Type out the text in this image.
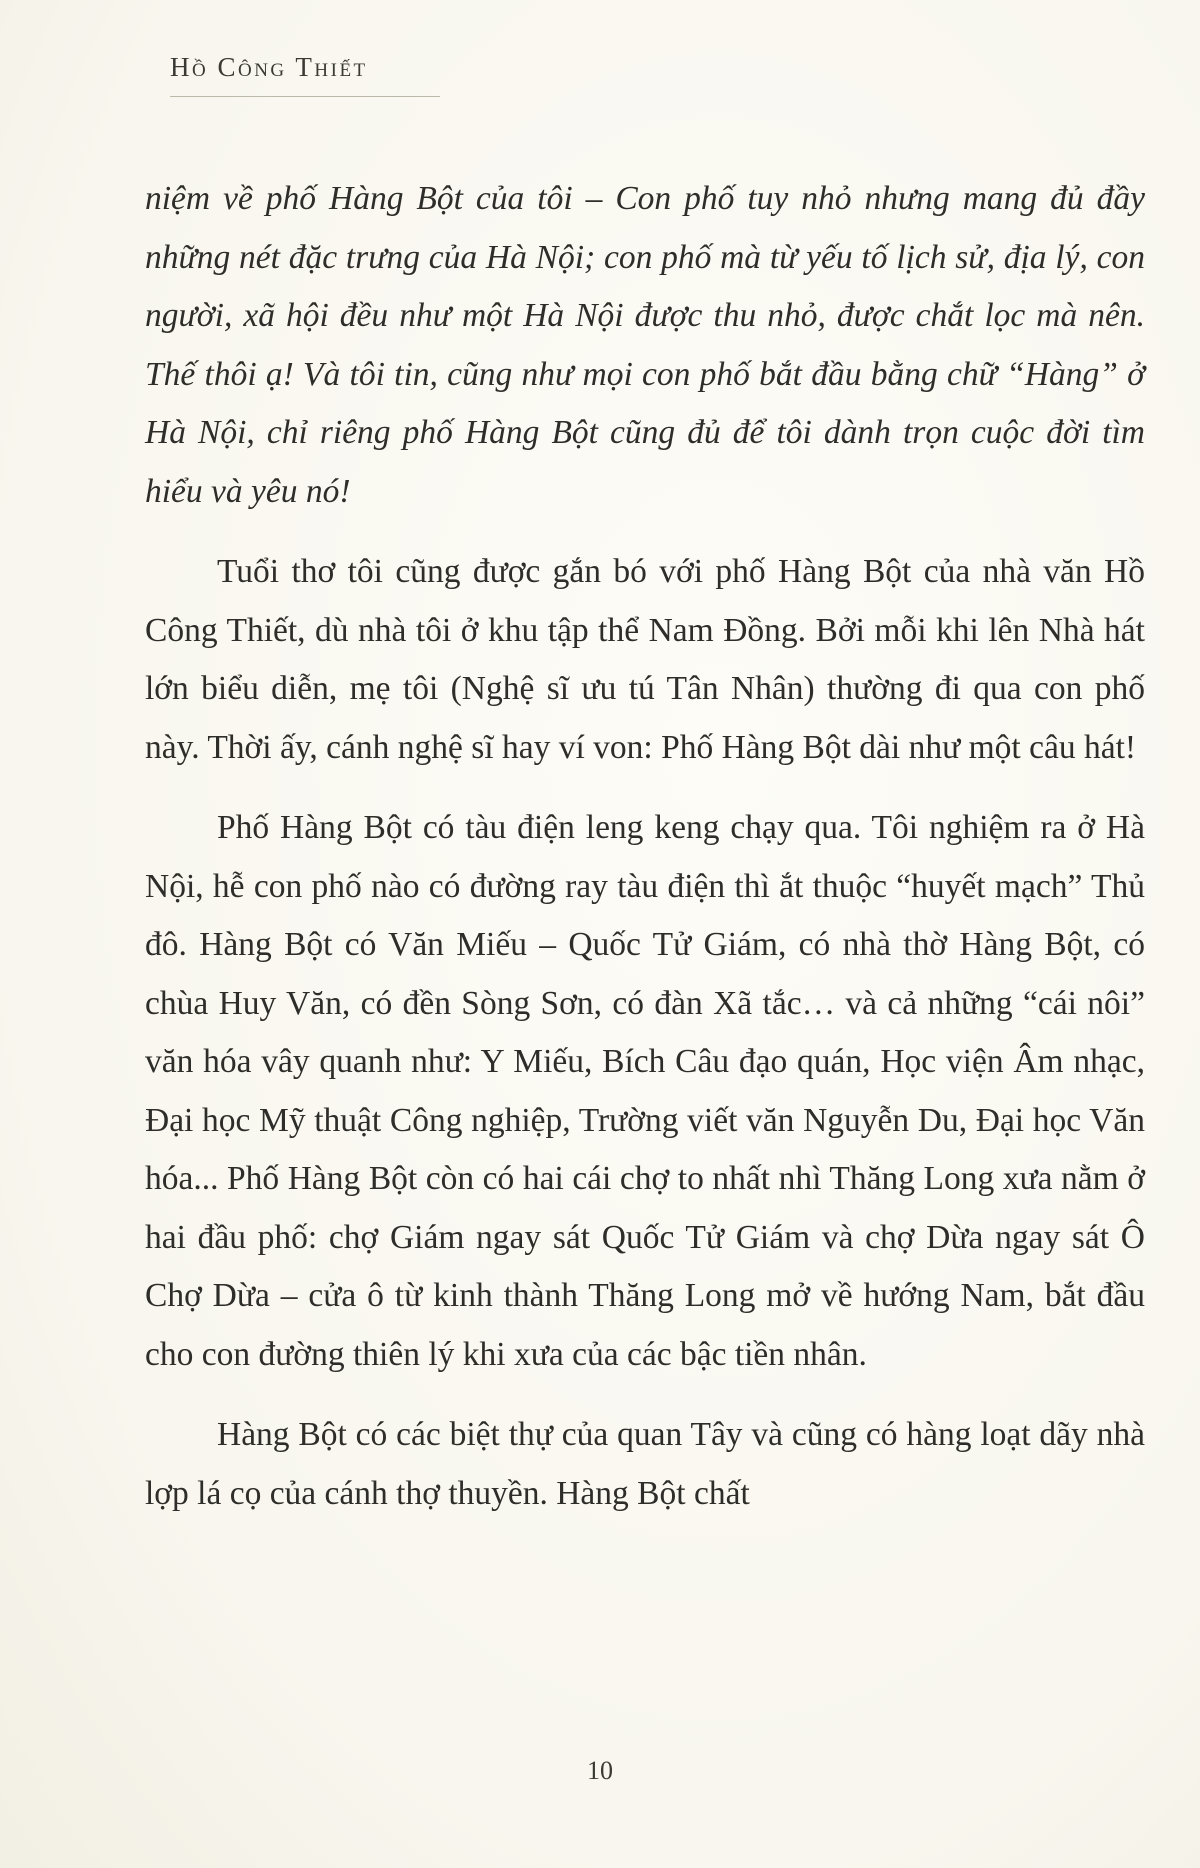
Hồ Công Thiết

niệm về phố Hàng Bột của tôi – Con phố tuy nhỏ nhưng mang đủ đầy những nét đặc trưng của Hà Nội; con phố mà từ yếu tố lịch sử, địa lý, con người, xã hội đều như một Hà Nội được thu nhỏ, được chắt lọc mà nên. Thế thôi ạ! Và tôi tin, cũng như mọi con phố bắt đầu bằng chữ “Hàng” ở Hà Nội, chỉ riêng phố Hàng Bột cũng đủ để tôi dành trọn cuộc đời tìm hiểu và yêu nó!

Tuổi thơ tôi cũng được gắn bó với phố Hàng Bột của nhà văn Hồ Công Thiết, dù nhà tôi ở khu tập thể Nam Đồng. Bởi mỗi khi lên Nhà hát lớn biểu diễn, mẹ tôi (Nghệ sĩ ưu tú Tân Nhân) thường đi qua con phố này. Thời ấy, cánh nghệ sĩ hay ví von: Phố Hàng Bột dài như một câu hát!

Phố Hàng Bột có tàu điện leng keng chạy qua. Tôi nghiệm ra ở Hà Nội, hễ con phố nào có đường ray tàu điện thì ắt thuộc “huyết mạch” Thủ đô. Hàng Bột có Văn Miếu – Quốc Tử Giám, có nhà thờ Hàng Bột, có chùa Huy Văn, có đền Sòng Sơn, có đàn Xã tắc… và cả những “cái nôi” văn hóa vây quanh như: Y Miếu, Bích Câu đạo quán, Học viện Âm nhạc, Đại học Mỹ thuật Công nghiệp, Trường viết văn Nguyễn Du, Đại học Văn hóa... Phố Hàng Bột còn có hai cái chợ to nhất nhì Thăng Long xưa nằm ở hai đầu phố: chợ Giám ngay sát Quốc Tử Giám và chợ Dừa ngay sát Ô Chợ Dừa – cửa ô từ kinh thành Thăng Long mở về hướng Nam, bắt đầu cho con đường thiên lý khi xưa của các bậc tiền nhân.

Hàng Bột có các biệt thự của quan Tây và cũng có hàng loạt dãy nhà lợp lá cọ của cánh thợ thuyền. Hàng Bột chất

10
